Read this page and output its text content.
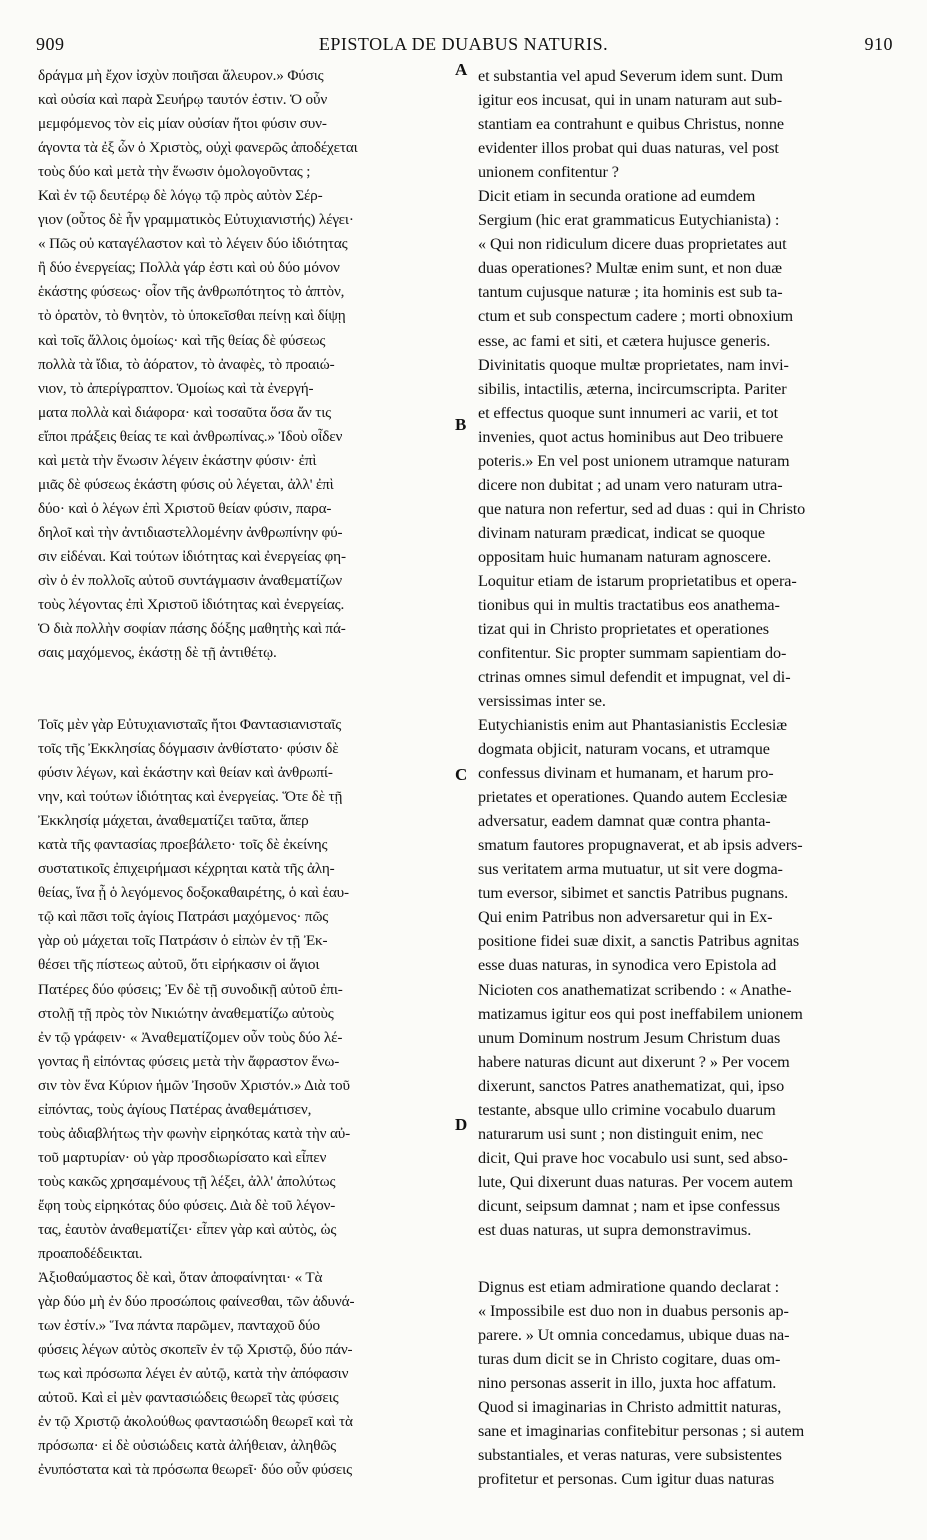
909	EPISTOLA DE DUABUS NATURIS.	910
A
B
C
D
δράγμα μὴ ἔχον ἰσχὺν ποιῆσαι ἄλευρον.» Φύσις
καὶ οὐσία καὶ παρὰ Σευήρῳ ταυτόν ἐστιν. Ὁ οὖν
μεμφόμενος τὸν εἰς μίαν οὐσίαν ἤτοι φύσιν συν-
άγοντα τὰ ἐξ ὧν ὁ Χριστὸς, οὐχὶ φανερῶς ἀποδέχεται
τοὺς δύο καὶ μετὰ τὴν ἕνωσιν ὁμολογοῦντας ;
Καὶ ἐν τῷ δευτέρῳ δὲ λόγῳ τῷ πρὸς αὐτὸν Σέρ-
γιον (οὗτος δὲ ἦν γραμματικὸς Εὐτυχιανιστής) λέγει·
« Πῶς οὐ καταγέλαστον καὶ τὸ λέγειν δύο ἰδιότητας
ἢ δύο ἐνεργείας; Πολλὰ γάρ ἐστι καὶ οὐ δύο μόνον
ἑκάστης φύσεως· οἷον τῆς ἀνθρωπότητος τὸ ἁπτὸν,
τὸ ὁρατὸν, τὸ θνητὸν, τὸ ὑποκεῖσθαι πείνῃ καὶ δίψῃ
καὶ τοῖς ἄλλοις ὁμοίως· καὶ τῆς θείας δὲ φύσεως
πολλὰ τὰ ἴδια, τὸ ἀόρατον, τὸ ἀναφὲς, τὸ προαιώ-
νιον, τὸ ἀπερίγραπτον. Ὁμοίως καὶ τὰ ἐνεργή-
ματα πολλὰ καὶ διάφορα· καὶ τοσαῦτα ὅσα ἄν τις
εἴποι πράξεις θείας τε καὶ ἀνθρωπίνας.» Ἰδοὺ οἶδεν
καὶ μετὰ τὴν ἕνωσιν λέγειν ἑκάστην φύσιν· ἐπὶ
μιᾶς δὲ φύσεως ἑκάστη φύσις οὐ λέγεται, ἀλλ' ἐπὶ
δύο· καὶ ὁ λέγων ἐπὶ Χριστοῦ θείαν φύσιν, παρα-
δηλοῖ καὶ τὴν ἀντιδιαστελλομένην ἀνθρωπίνην φύ-
σιν εἰδέναι. Καὶ τούτων ἰδιότητας καὶ ἐνεργείας φη-
σὶν ὁ ἐν πολλοῖς αὐτοῦ συντάγμασιν ἀναθεματίζων
τοὺς λέγοντας ἐπὶ Χριστοῦ ἰδιότητας καὶ ἐνεργείας.
Ὁ διὰ πολλὴν σοφίαν πάσης δόξης μαθητὴς καὶ πά-
σαις μαχόμενος, ἑκάστῃ δὲ τῇ ἀντιθέτῳ.
Τοῖς μὲν γὰρ Εὐτυχιανισταῖς ἤτοι Φαντασιανισταῖς
τοῖς τῆς Ἐκκλησίας δόγμασιν ἀνθίστατο· φύσιν δὲ
φύσιν λέγων, καὶ ἑκάστην καὶ θείαν καὶ ἀνθρωπί-
νην, καὶ τούτων ἰδιότητας καὶ ἐνεργείας. Ὅτε δὲ τῇ
Ἐκκλησίᾳ μάχεται, ἀναθεματίζει ταῦτα, ἅπερ
κατὰ τῆς φαντασίας προεβάλετο· τοῖς δὲ ἐκείνης
συστατικοῖς ἐπιχειρήμασι κέχρηται κατὰ τῆς ἀλη-
θείας, ἵνα ᾖ ὁ λεγόμενος δοξοκαθαιρέτης, ὁ καὶ ἑαυ-
τῷ καὶ πᾶσι τοῖς ἁγίοις Πατράσι μαχόμενος· πῶς
γὰρ οὐ μάχεται τοῖς Πατράσιν ὁ εἰπὼν ἐν τῇ Ἐκ-
θέσει τῆς πίστεως αὐτοῦ, ὅτι εἰρήκασιν οἱ ἅγιοι
Πατέρες δύο φύσεις; Ἐν δὲ τῇ συνοδικῇ αὐτοῦ ἐπι-
στολῇ τῇ πρὸς τὸν Νικιώτην ἀναθεματίζω αὐτοὺς
ἐν τῷ γράφειν· « Ἀναθεματίζομεν οὖν τοὺς δύο λέ-
γοντας ἢ εἰπόντας φύσεις μετὰ τὴν ἄφραστον ἕνω-
σιν τὸν ἕνα Κύριον ἡμῶν Ἰησοῦν Χριστόν.» Διὰ τοῦ
εἰπόντας, τοὺς ἁγίους Πατέρας ἀναθεμάτισεν,
τοὺς ἀδιαβλήτως τὴν φωνὴν εἰρηκότας κατὰ τὴν αὐ-
τοῦ μαρτυρίαν· οὐ γὰρ προσδιωρίσατο καὶ εἶπεν
τοὺς κακῶς χρησαμένους τῇ λέξει, ἀλλ' ἀπολύτως
ἔφη τοὺς εἰρηκότας δύο φύσεις. Διὰ δὲ τοῦ λέγον-
τας, ἑαυτὸν ἀναθεματίζει· εἶπεν γὰρ καὶ αὐτὸς, ὡς
προαποδέδεικται.
Ἀξιοθαύμαστος δὲ καὶ, ὅταν ἀποφαίνηται· « Τὰ
γὰρ δύο μὴ ἐν δύο προσώποις φαίνεσθαι, τῶν ἀδυνά-
των ἐστίν.» Ἵνα πάντα παρῶμεν, πανταχοῦ δύο
φύσεις λέγων αὐτὸς σκοπεῖν ἐν τῷ Χριστῷ, δύο πάν-
τως καὶ πρόσωπα λέγει ἐν αὐτῷ, κατὰ τὴν ἀπόφασιν
αὐτοῦ. Καὶ εἰ μὲν φαντασιώδεις θεωρεῖ τὰς φύσεις
ἐν τῷ Χριστῷ ἀκολούθως φαντασιώδη θεωρεῖ καὶ τὰ
πρόσωπα· εἰ δὲ οὐσιώδεις κατὰ ἀλήθειαν, ἀληθῶς
ἐνυπόστατα καὶ τὰ πρόσωπα θεωρεῖ· δύο οὖν φύσεις
et substantia vel apud Severum idem sunt. Dum
igitur eos incusat, qui in unam naturam aut sub-
stantiam ea contrahunt e quibus Christus, nonne
evidenter illos probat qui duas naturas, vel post
unionem confitentur ?
Dicit etiam in secunda oratione ad eumdem
Sergium (hic erat grammaticus Eutychianista) :
« Qui non ridiculum dicere duas proprietates aut
duas operationes? Multæ enim sunt, et non duæ
tantum cujusque naturæ ; ita hominis est sub ta-
ctum et sub conspectum cadere ; morti obnoxium
esse, ac fami et siti, et cætera hujusce generis.
Divinitatis quoque multæ proprietates, nam invi-
sibilis, intactilis, æterna, incircumscripta. Pariter
et effectus quoque sunt innumeri ac varii, et tot
invenies, quot actus hominibus aut Deo tribuere
poteris.» En vel post unionem utramque naturam
dicere non dubitat ; ad unam vero naturam utra-
que natura non refertur, sed ad duas : qui in Christo
divinam naturam prædicat, indicat se quoque
oppositam huic humanam naturam agnoscere.
Loquitur etiam de istarum proprietatibus et opera-
tionibus qui in multis tractatibus eos anathema-
tizat qui in Christo proprietates et operationes
confitentur. Sic propter summam sapientiam do-
ctrinas omnes simul defendit et impugnat, vel di-
versissimas inter se.
Eutychianistis enim aut Phantasianistis Ecclesiæ
dogmata objicit, naturam vocans, et utramque
confessus divinam et humanam, et harum pro-
prietates et operationes. Quando autem Ecclesiæ
adversatur, eadem damnat quæ contra phanta-
smatum fautores propugnaverat, et ab ipsis advers-
sus veritatem arma mutuatur, ut sit vere dogma-
tum eversor, sibimet et sanctis Patribus pugnans.
Qui enim Patribus non adversaretur qui in Ex-
positione fidei suæ dixit, a sanctis Patribus agnitas
esse duas naturas, in synodica vero Epistola ad
Nicioten cos anathematizat scribendo : « Anathe-
matizamus igitur eos qui post ineffabilem unionem
unum Dominum nostrum Jesum Christum duas
habere naturas dicunt aut dixerunt ? » Per vocem
dixerunt, sanctos Patres anathematizat, qui, ipso
testante, absque ullo crimine vocabulo duarum
naturarum usi sunt ; non distinguit enim, nec
dicit, Qui prave hoc vocabulo usi sunt, sed abso-
lute, Qui dixerunt duas naturas. Per vocem autem
dicunt, seipsum damnat ; nam et ipse confessus
est duas naturas, ut supra demonstravimus.
Dignus est etiam admiratione quando declarat :
« Impossibile est duo non in duabus personis ap-
parere. » Ut omnia concedamus, ubique duas na-
turas dum dicit se in Christo cogitare, duas om-
nino personas asserit in illo, juxta hoc affatum.
Quod si imaginarias in Christo admittit naturas,
sane et imaginarias confitebitur personas ; si autem
substantiales, et veras naturas, vere subsistentes
profitetur et personas. Cum igitur duas naturas
